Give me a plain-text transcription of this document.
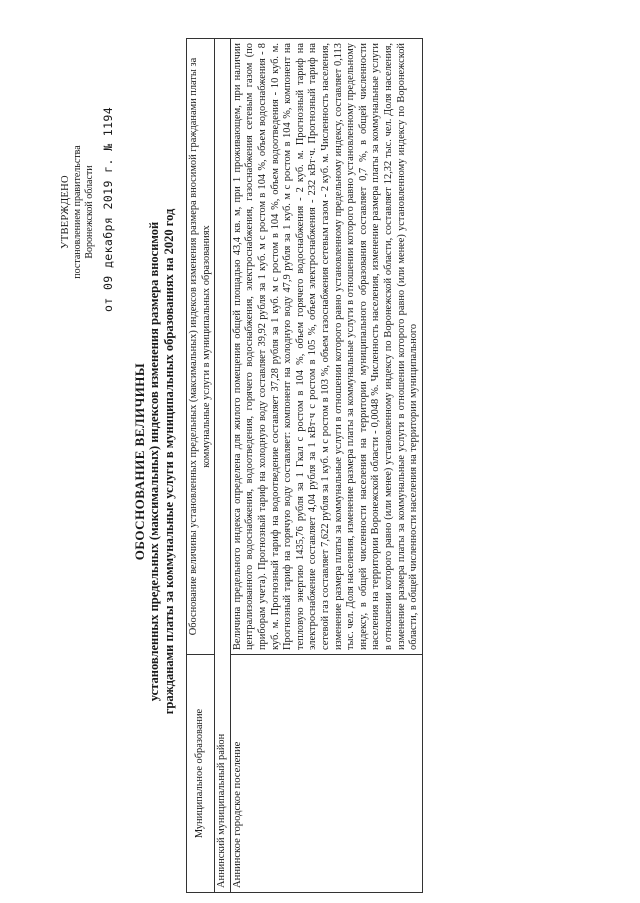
УТВЕРЖДЕНО постановлением правительства Воронежской области от 09 декабря 2019 г. № 1194
ОБОСНОВАНИЕ ВЕЛИЧИНЫ установленных предельных (максимальных) индексов изменения размера вносимой гражданами платы за коммунальные услуги в муниципальных образованиях на 2020 год
Муниципальное образование	Обоснование величины установленных предельных (максимальных) индексов изменения размера вносимой гражданами платы за коммунальные услуги в муниципальных образованиях
Аннинский муниципальный район	
Аннинское городское поселение	Величина предельного индекса определена для жилого помещения общей площадью 43,4 кв. м, при 1 проживающем, при наличии централизованного водоснабжения, водоотведения, горячего водоснабжения, электроснабжения, газоснабжения сетевым газом (по приборам учета). Прогнозный тариф на холодную воду составляет 39,92 рубля за 1 куб. м с ростом в 104 %, объем водоснабжения - 8 куб. м. Прогнозный тариф на водоотведение составляет 37,28 рубля за 1 куб. м с ростом в 104 %, объем водоотведения - 10 куб. м. Прогнозный тариф на горячую воду составляет: компонент на холодную воду 47,9 рубля за 1 куб. м с ростом в 104 %, компонент на тепловую энергию 1435,76 рубля за 1 Гкал с ростом в 104 %, объем горячего водоснабжения - 2 куб. м. Прогнозный тариф на электроснабжение составляет 4,04 рубля за 1 кВт·ч с ростом в 105 %, объем электроснабжения - 232 кВт·ч. Прогнозный тариф на сетевой газ составляет 7,622 рубля за 1 куб. м с ростом в 103 %, объем газоснабжения сетевым газом - 2 куб. м. Численность населения, изменение размера платы за коммунальные услуги в отношении которого равно установленному предельному индексу, составляет 0,113 тыс. чел. Доля населения, изменение размера платы за коммунальные услуги в отношении которого равно установленному предельному индексу, в общей численности населения на территории муниципального образования составляет 0,7 %, в общей численности населения на территории Воронежской области - 0,0048 %. Численность населения, изменение размера платы за коммунальные услуги в отношении которого равно (или менее) установленному индексу по Воронежской области, составляет 12,32 тыс. чел. Доля населения, изменение размера платы за коммунальные услуги в отношении которого равно (или менее) установленному индексу по Воронежской области, в общей численности населения на территории муниципального
